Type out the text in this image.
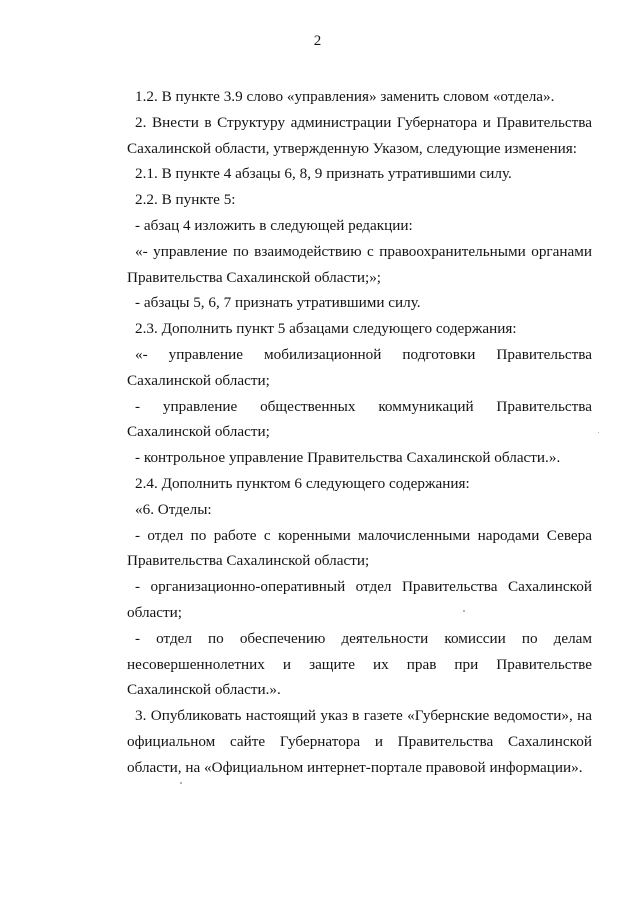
2

1.2. В пункте 3.9 слово «управления» заменить словом «отдела».

2. Внести в Структуру администрации Губернатора и Правительства Сахалинской области, утвержденную Указом, следующие изменения:

2.1. В пункте 4 абзацы 6, 8, 9 признать утратившими силу.

2.2. В пункте 5:

- абзац 4 изложить в следующей редакции:

«- управление по взаимодействию с правоохранительными органами Правительства Сахалинской области;»;

- абзацы 5, 6, 7 признать утратившими силу.

2.3. Дополнить пункт 5 абзацами следующего содержания:

«- управление мобилизационной подготовки Правительства Сахалинской области;

- управление общественных коммуникаций Правительства Сахалинской области;

- контрольное управление Правительства Сахалинской области.».

2.4. Дополнить пунктом 6 следующего содержания:

«6. Отделы:

- отдел по работе с коренными малочисленными народами Севера Правительства Сахалинской области;

- организационно-оперативный отдел Правительства Сахалинской области;

- отдел по обеспечению деятельности комиссии по делам несовершеннолетних и защите их прав при Правительстве Сахалинской области.».

3. Опубликовать настоящий указ в газете «Губернские ведомости», на официальном сайте Губернатора и Правительства Сахалинской области, на «Официальном интернет-портале правовой информации».
